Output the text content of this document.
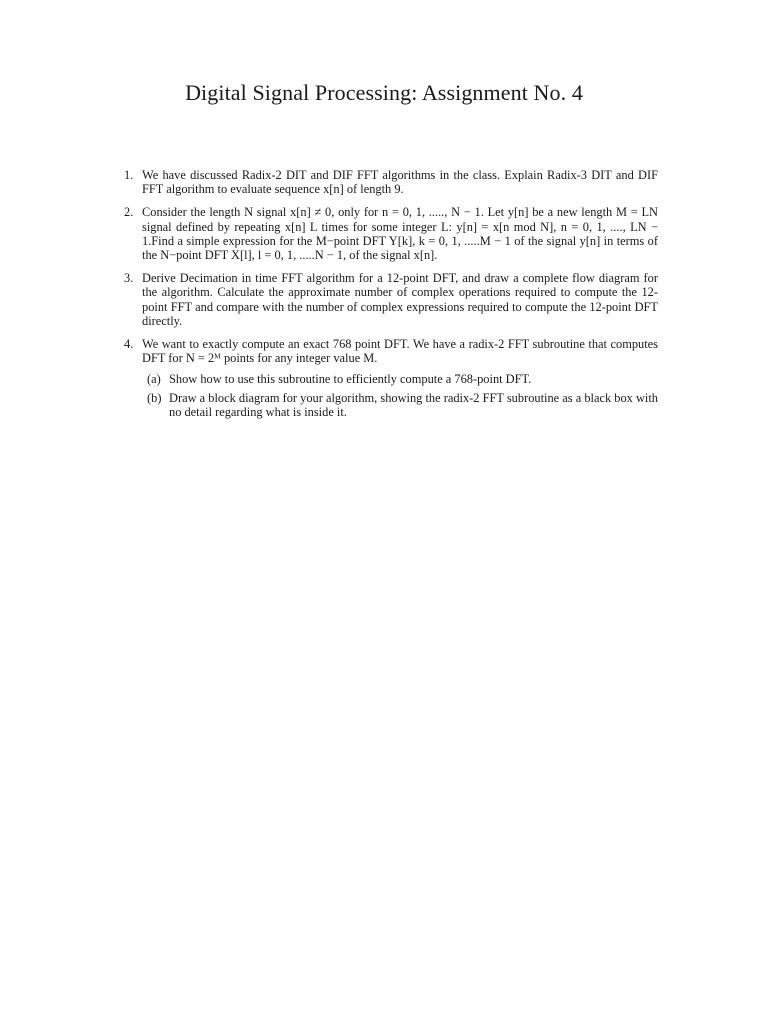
Digital Signal Processing: Assignment No. 4
1. We have discussed Radix-2 DIT and DIF FFT algorithms in the class. Explain Radix-3 DIT and DIF FFT algorithm to evaluate sequence x[n] of length 9.

2. Consider the length N signal x[n] ≠ 0, only for n = 0, 1, ....., N − 1. Let y[n] be a new length M = LN signal defined by repeating x[n] L times for some integer L: y[n] = x[n mod N], n = 0, 1, ...., LN − 1.Find a simple expression for the M−point DFT Y[k], k = 0, 1, .....M − 1 of the signal y[n] in terms of the N−point DFT X[l], l = 0, 1, .....N − 1, of the signal x[n].

3. Derive Decimation in time FFT algorithm for a 12-point DFT, and draw a complete flow diagram for the algorithm. Calculate the approximate number of complex operations required to compute the 12-point FFT and compare with the number of complex expressions required to compute the 12-point DFT directly.

4. We want to exactly compute an exact 768 point DFT. We have a radix-2 FFT subroutine that computes DFT for N = 2ᴹ points for any integer value M.

(a) Show how to use this subroutine to efficiently compute a 768-point DFT.
(b) Draw a block diagram for your algorithm, showing the radix-2 FFT subroutine as a black box with no detail regarding what is inside it.
